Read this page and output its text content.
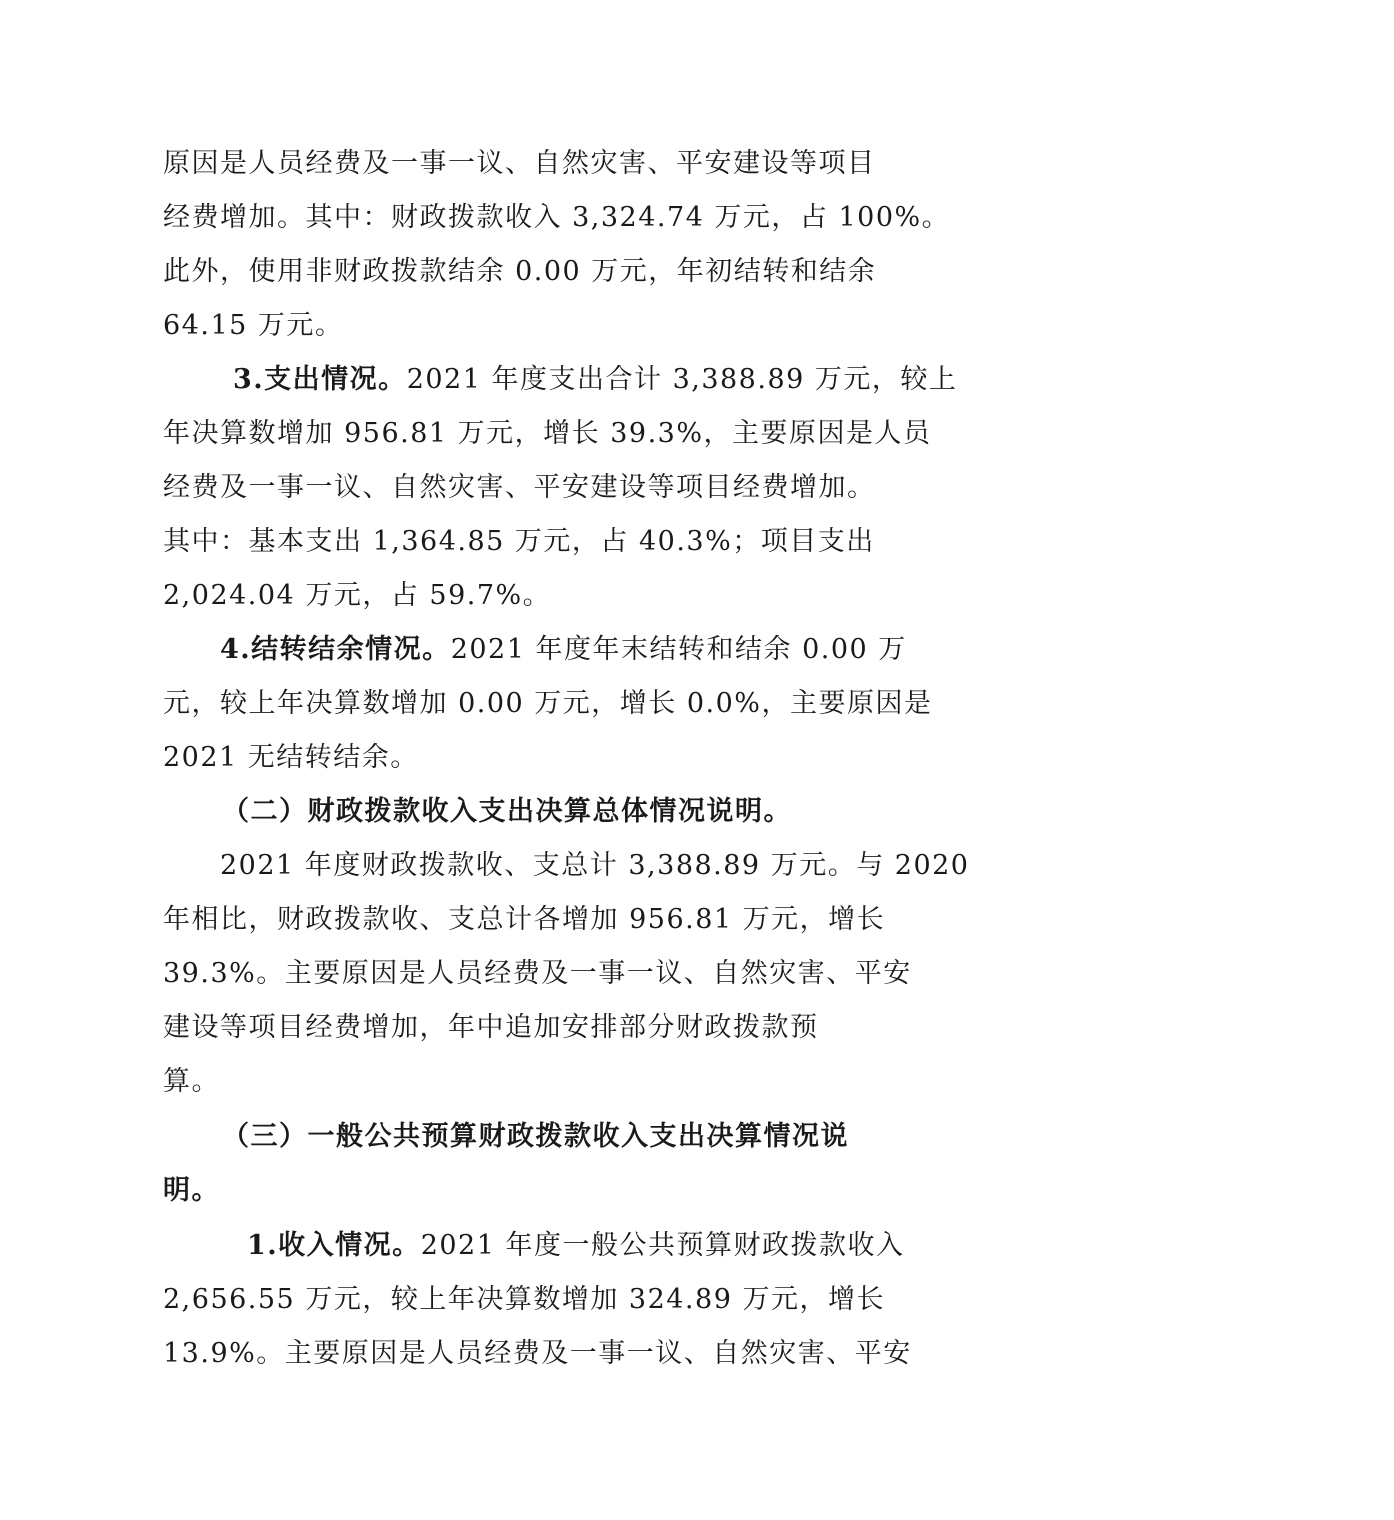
原因是人员经费及一事一议、自然灾害、平安建设等项目
经费增加。其中：财政拨款收入 3,324.74 万元，占 100%。
此外，使用非财政拨款结余 0.00 万元，年初结转和结余
64.15 万元。
3.支出情况。2021 年度支出合计 3,388.89 万元，较上
年决算数增加 956.81 万元，增长 39.3%，主要原因是人员
经费及一事一议、自然灾害、平安建设等项目经费增加。
其中：基本支出 1,364.85 万元，占 40.3%；项目支出
2,024.04 万元，占 59.7%。
4.结转结余情况。2021 年度年末结转和结余 0.00 万
元，较上年决算数增加 0.00 万元，增长 0.0%，主要原因是
2021 无结转结余。
（二）财政拨款收入支出决算总体情况说明。
2021 年度财政拨款收、支总计 3,388.89 万元。与 2020
年相比，财政拨款收、支总计各增加 956.81 万元，增长
39.3%。主要原因是人员经费及一事一议、自然灾害、平安
建设等项目经费增加，年中追加安排部分财政拨款预
算。
（三）一般公共预算财政拨款收入支出决算情况说
明。
1.收入情况。2021 年度一般公共预算财政拨款收入
2,656.55 万元，较上年决算数增加 324.89 万元，增长
13.9%。主要原因是人员经费及一事一议、自然灾害、平安
